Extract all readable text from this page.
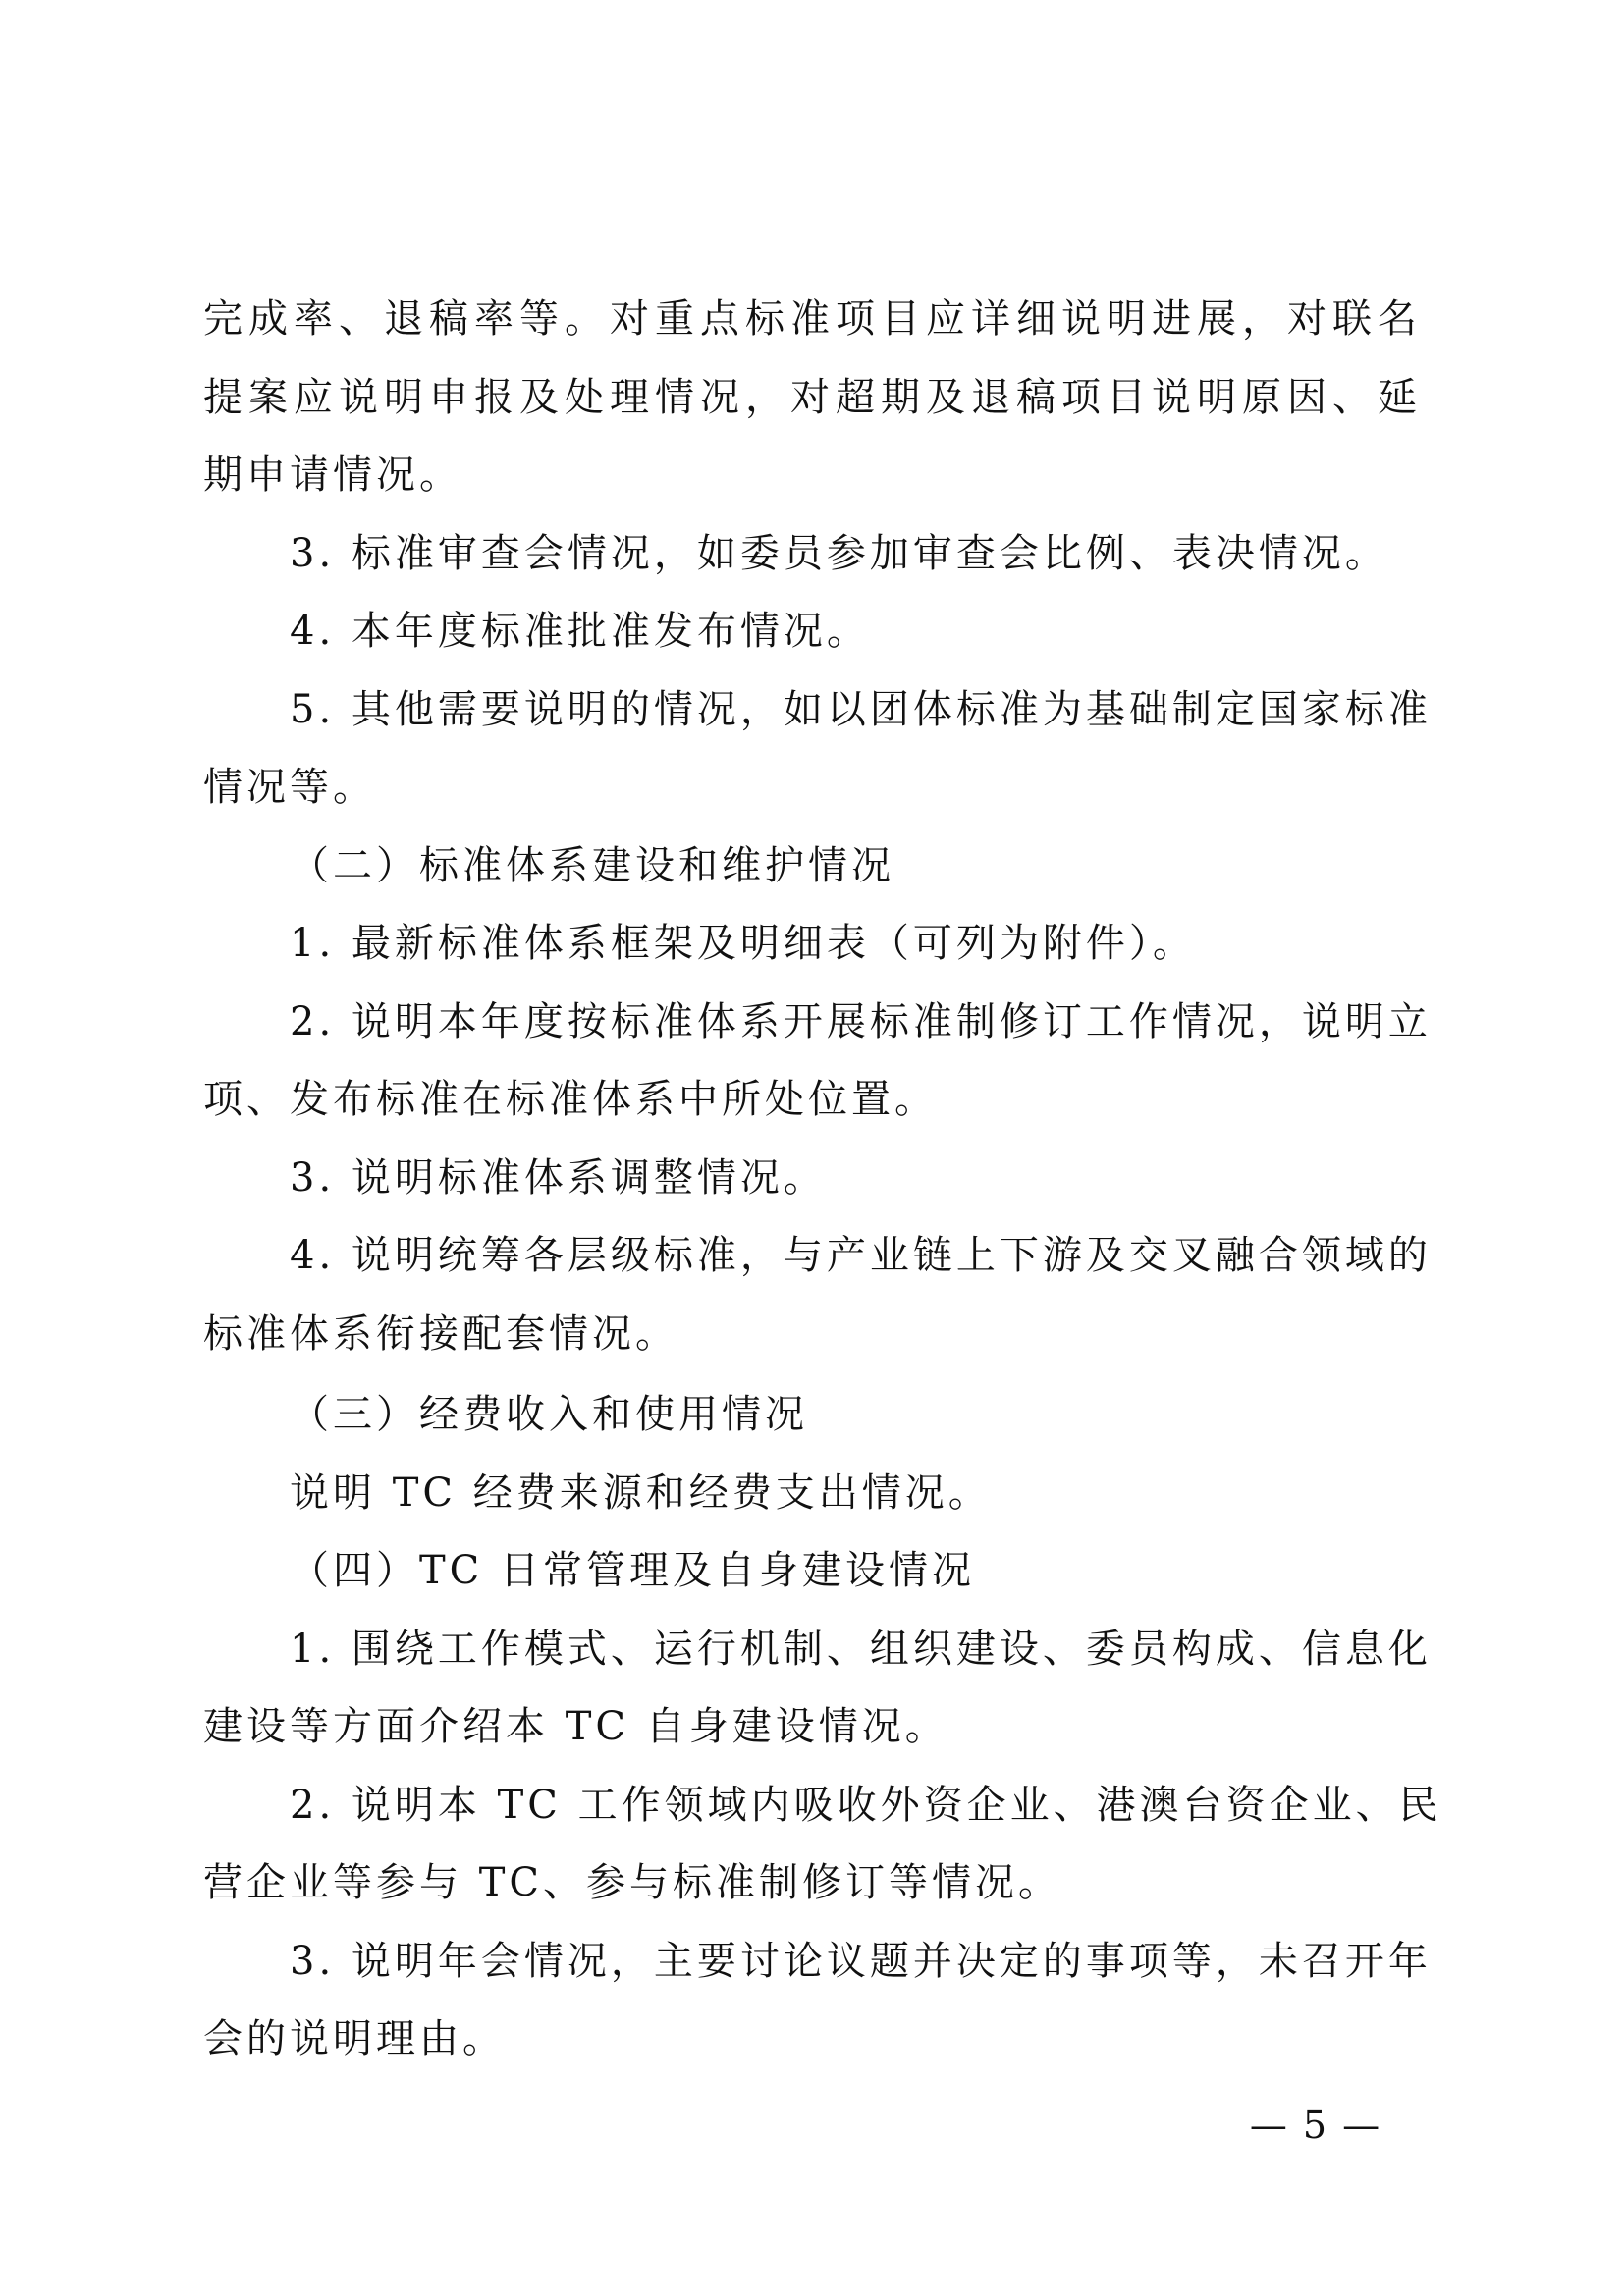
完成率、退稿率等。对重点标准项目应详细说明进展，对联名
提案应说明申报及处理情况，对超期及退稿项目说明原因、延
期申请情况。
3. 标准审查会情况，如委员参加审查会比例、表决情况。
4. 本年度标准批准发布情况。
5. 其他需要说明的情况，如以团体标准为基础制定国家标准
情况等。
（二）标准体系建设和维护情况
1. 最新标准体系框架及明细表（可列为附件）。
2. 说明本年度按标准体系开展标准制修订工作情况，说明立
项、发布标准在标准体系中所处位置。
3. 说明标准体系调整情况。
4. 说明统筹各层级标准，与产业链上下游及交叉融合领域的
标准体系衔接配套情况。
（三）经费收入和使用情况
说明 TC 经费来源和经费支出情况。
（四）TC 日常管理及自身建设情况
1. 围绕工作模式、运行机制、组织建设、委员构成、信息化
建设等方面介绍本 TC 自身建设情况。
2. 说明本 TC 工作领域内吸收外资企业、港澳台资企业、民
营企业等参与 TC、参与标准制修订等情况。
3. 说明年会情况，主要讨论议题并决定的事项等，未召开年
会的说明理由。
— 5 —
